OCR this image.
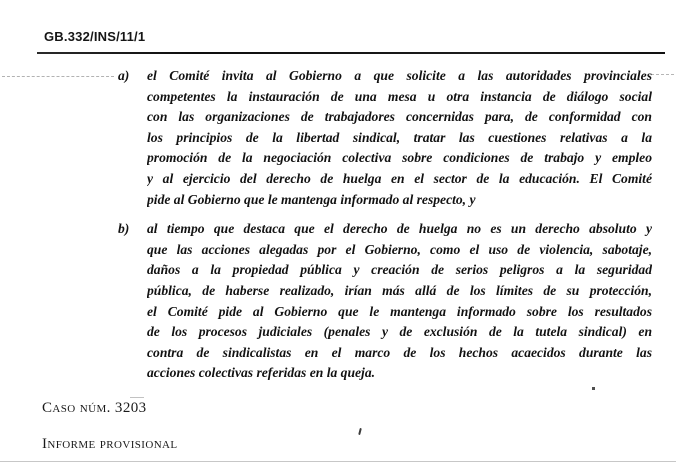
GB.332/INS/11/1
a)	el Comité invita al Gobierno a que solicite a las autoridades provinciales
competentes la instauración de una mesa u otra instancia de diálogo social
con las organizaciones de trabajadores concernidas para, de conformidad con
los principios de la libertad sindical, tratar las cuestiones relativas a la
promoción de la negociación colectiva sobre condiciones de trabajo y empleo
y al ejercicio del derecho de huelga en el sector de la educación. El Comité
pide al Gobierno que le mantenga informado al respecto, y
b)	al tiempo que destaca que el derecho de huelga no es un derecho absoluto y
que las acciones alegadas por el Gobierno, como el uso de violencia, sabotaje,
daños a la propiedad pública y creación de serios peligros a la seguridad
pública, de haberse realizado, irían más allá de los límites de su protección,
el Comité pide al Gobierno que le mantenga informado sobre los resultados
de los procesos judiciales (penales y de exclusión de la tutela sindical) en
contra de sindicalistas en el marco de los hechos acaecidos durante las
acciones colectivas referidas en la queja.
Caso núm. 3203
Informe provisional
